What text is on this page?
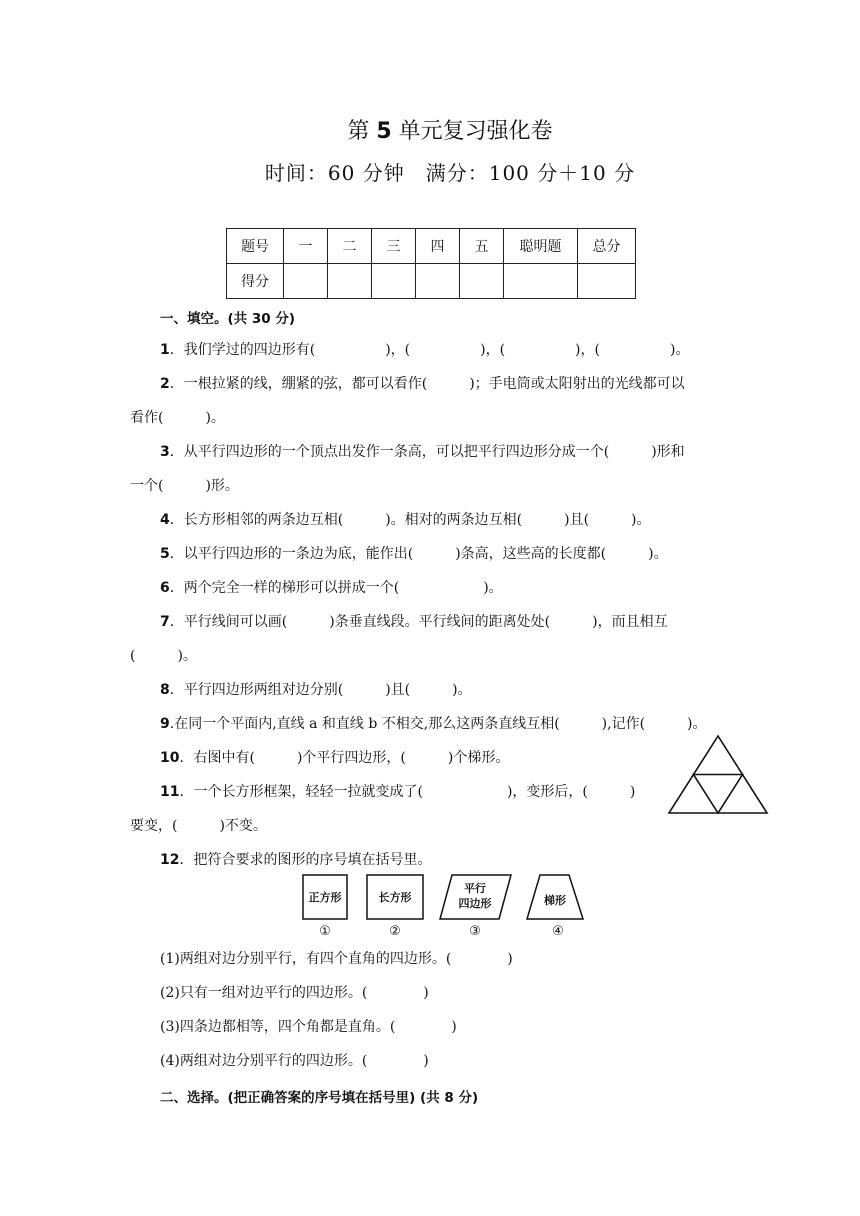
第 5 单元复习强化卷
时间：60 分钟　满分：100 分＋10 分
题号	一	二	三	四	五	聪明题	总分
得分							
一、填空。(共 30 分)
1．我们学过的四边形有(　　　　　)，(　　　　　)，(　　　　　)，(　　　　　)。
2．一根拉紧的线，绷紧的弦，都可以看作(　　　)；手电筒或太阳射出的光线都可以
看作(　　　)。
3．从平行四边形的一个顶点出发作一条高，可以把平行四边形分成一个(　　　)形和
一个(　　　)形。
4．长方形相邻的两条边互相(　　　)。相对的两条边互相(　　　)且(　　　)。
5．以平行四边形的一条边为底，能作出(　　　)条高，这些高的长度都(　　　)。
6．两个完全一样的梯形可以拼成一个(　　　　　　)。
7．平行线间可以画(　　　)条垂直线段。平行线间的距离处处(　　　)，而且相互
(　　　)。
8．平行四边形两组对边分别(　　　)且(　　　)。
9.在同一个平面内,直线 a 和直线 b 不相交,那么这两条直线互相(　　　),记作(　　　)。
10．右图中有(　　　)个平行四边形，(　　　)个梯形。
11．一个长方形框架，轻轻一拉就变成了(　　　　　　)，变形后，(　　　)
要变，(　　　)不变。
12．把符合要求的图形的序号填在括号里。
正方形	长方形
平行
四边形	梯形
①	②	③	④
(1)两组对边分别平行，有四个直角的四边形。(　　　　)
(2)只有一组对边平行的四边形。(　　　　)
(3)四条边都相等，四个角都是直角。(　　　　)
(4)两组对边分别平行的四边形。(　　　　)
二、选择。(把正确答案的序号填在括号里) (共 8 分)
